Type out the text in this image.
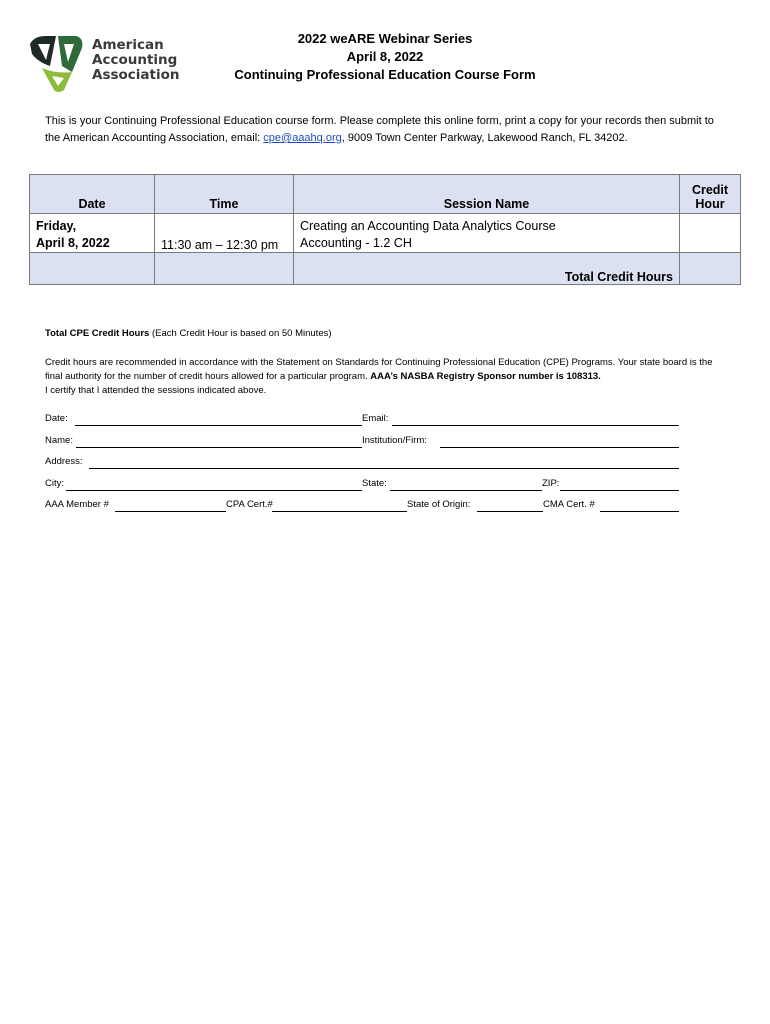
American
Accounting
Association
2022 weARE Webinar Series
April 8, 2022
Continuing Professional Education Course Form
This is your Continuing Professional Education course form. Please complete this online form, print a copy for your records then submit to the American Accounting Association, email: cpe@aaahq.org, 9009 Town Center Parkway, Lakewood Ranch, FL 34202.
Date	Time	Session Name	Credit
Hour
Friday,
April 8, 2022	11:30 am – 12:30 pm	Creating an Accounting Data Analytics Course
Accounting - 1.2 CH	
		Total Credit Hours	
Total CPE Credit Hours (Each Credit Hour is based on 50 Minutes)
Credit hours are recommended in accordance with the Statement on Standards for Continuing Professional Education (CPE) Programs. Your state board is the final authority for the number of credit hours allowed for a particular program. AAA’s NASBA Registry Sponsor number is 108313.
I certify that I attended the sessions indicated above.
Date:	Email:
Name:	Institution/Firm:
Address:
City:	State:	ZIP:
AAA Member #	CPA Cert.#	State of Origin:	CMA Cert. #
